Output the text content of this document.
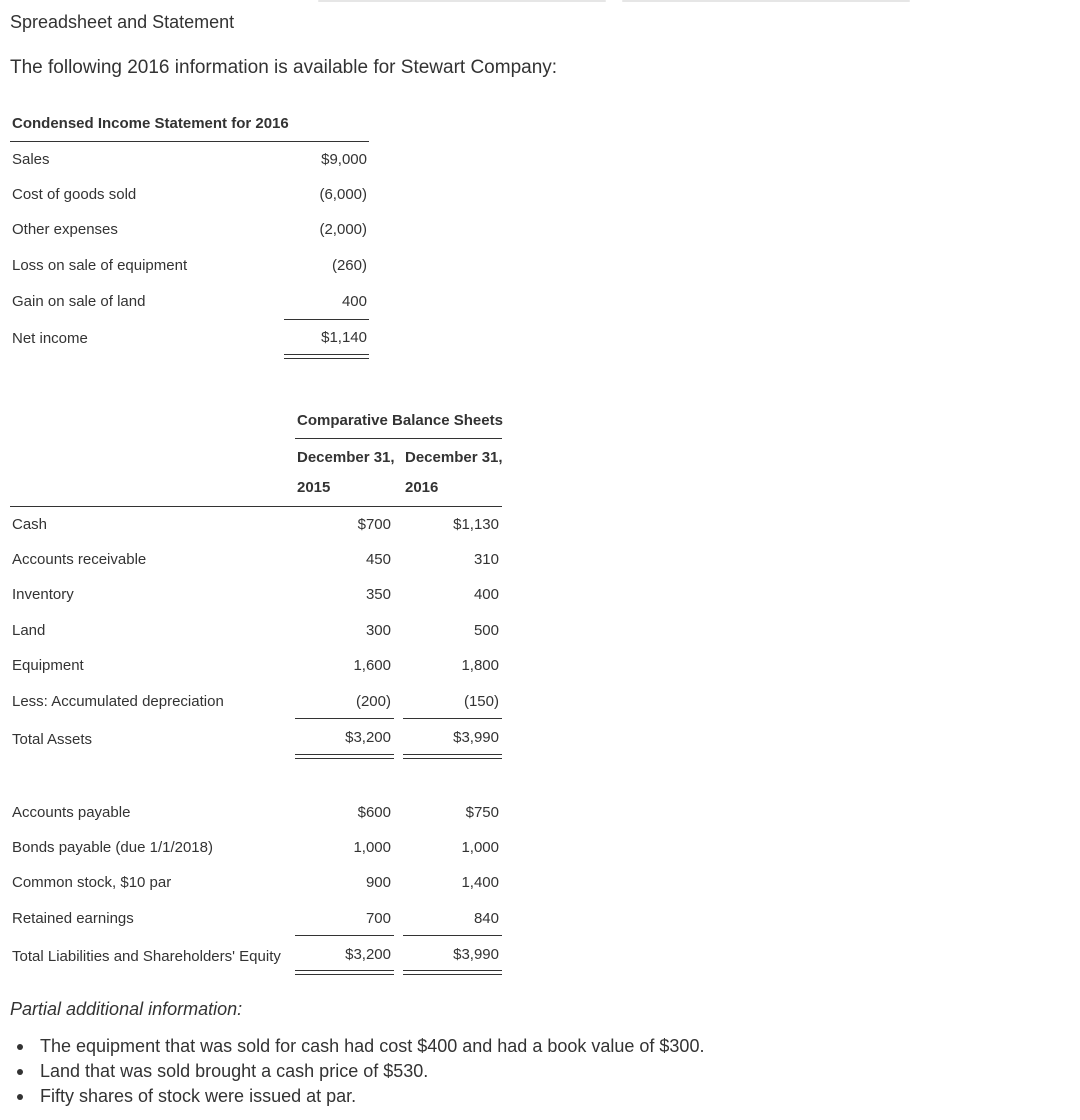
Spreadsheet and Statement
The following 2016 information is available for Stewart Company:
Condensed Income Statement for 2016
Sales	$9,000
Cost of goods sold	(6,000)
Other expenses	(2,000)
Loss on sale of equipment	(260)
Gain on sale of land	400
Net income	$1,140
Comparative Balance Sheets
December 31,
2015
December 31,
2016
Cash	$700	$1,130
Accounts receivable	450	310
Inventory	350	400
Land	300	500
Equipment	1,600	1,800
Less: Accumulated depreciation	(200)	(150)
Total Assets	$3,200	$3,990
Accounts payable	$600	$750
Bonds payable (due 1/1/2018)	1,000	1,000
Common stock, $10 par	900	1,400
Retained earnings	700	840
Total Liabilities and Shareholders' Equity	$3,200	$3,990
Partial additional information:
The equipment that was sold for cash had cost $400 and had a book value of $300.
Land that was sold brought a cash price of $530.
Fifty shares of stock were issued at par.
